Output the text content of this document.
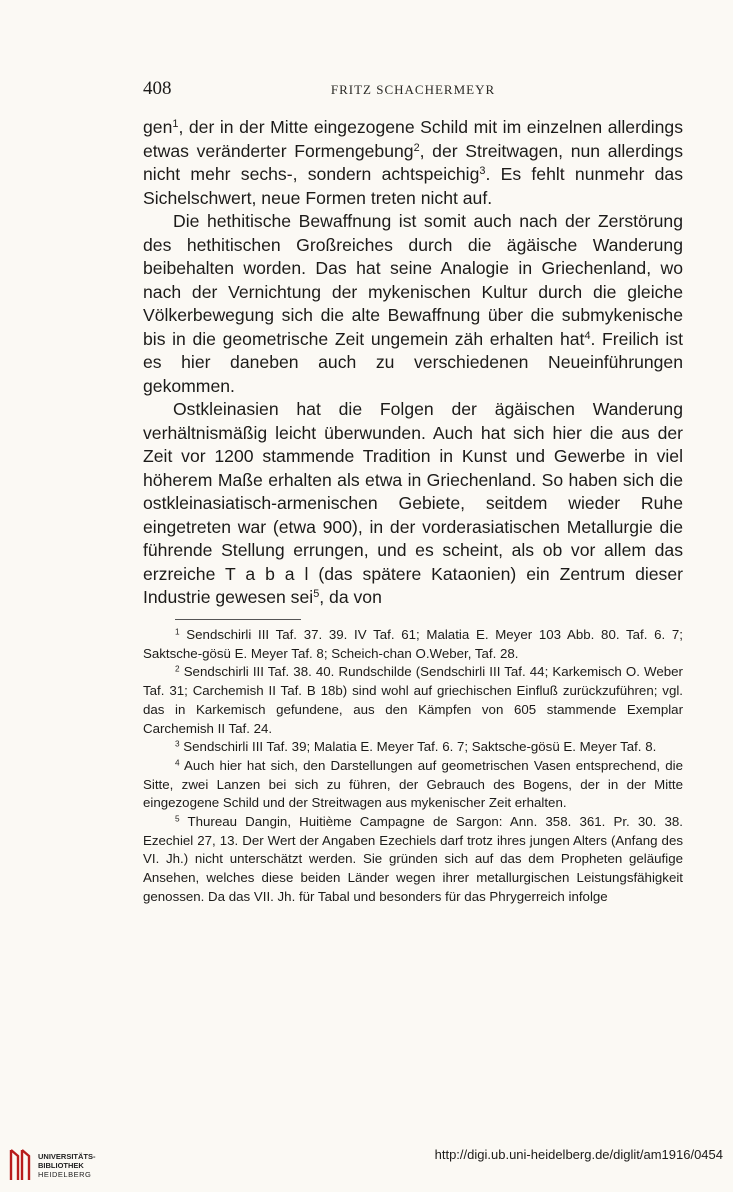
408	FRITZ SCHACHERMEYR

gen$^1$, der in der Mitte eingezogene Schild mit im einzelnen allerdings etwas veränderter Formengebung$^2$, der Streitwagen, nun allerdings nicht mehr sechs-, sondern achtspeichig$^3$. Es fehlt nunmehr das Sichelschwert, neue Formen treten nicht auf.

Die hethitische Bewaffnung ist somit auch nach der Zerstörung des hethitischen Großreiches durch die ägäische Wanderung beibehalten worden. Das hat seine Analogie in Griechenland, wo nach der Vernichtung der mykenischen Kultur durch die gleiche Völkerbewegung sich die alte Bewaffnung über die submykenische bis in die geometrische Zeit ungemein zäh erhalten hat$^4$. Freilich ist es hier daneben auch zu verschiedenen Neueinführungen gekommen.

Ostkleinasien hat die Folgen der ägäischen Wanderung verhältnismäßig leicht überwunden. Auch hat sich hier die aus der Zeit vor 1200 stammende Tradition in Kunst und Gewerbe in viel höherem Maße erhalten als etwa in Griechenland. So haben sich die ostkleinasiatisch-armenischen Gebiete, seitdem wieder Ruhe eingetreten war (etwa 900), in der vorderasiatischen Metallurgie die führende Stellung errungen, und es scheint, als ob vor allem das erzreiche T a b a l (das spätere Kataonien) ein Zentrum dieser Industrie gewesen sei$^5$, da von

$^1$ Sendschirli III Taf. 37. 39. IV Taf. 61; Malatia E. Meyer 103 Abb. 80. Taf. 6. 7; Saktsche-gösü E. Meyer Taf. 8; Scheich-chan O.Weber, Taf. 28.

$^2$ Sendschirli III Taf. 38. 40. Rundschilde (Sendschirli III Taf. 44; Karkemisch O. Weber Taf. 31; Carchemish II Taf. B 18b) sind wohl auf griechischen Einfluß zurückzuführen; vgl. das in Karkemisch gefundene, aus den Kämpfen von 605 stammende Exemplar Carchemish II Taf. 24.

$^3$ Sendschirli III Taf. 39; Malatia E. Meyer Taf. 6. 7; Saktsche-gösü E. Meyer Taf. 8.

$^4$ Auch hier hat sich, den Darstellungen auf geometrischen Vasen entsprechend, die Sitte, zwei Lanzen bei sich zu führen, der Gebrauch des Bogens, der in der Mitte eingezogene Schild und der Streitwagen aus mykenischer Zeit erhalten.

$^5$ Thureau Dangin, Huitième Campagne de Sargon: Ann. 358. 361. Pr. 30. 38. Ezechiel 27, 13. Der Wert der Angaben Ezechiels darf trotz ihres jungen Alters (Anfang des VI. Jh.) nicht unterschätzt werden. Sie gründen sich auf das dem Propheten geläufige Ansehen, welches diese beiden Länder wegen ihrer metallurgischen Leistungsfähigkeit genossen. Da das VII. Jh. für Tabal und besonders für das Phrygerreich infolge

UNIVERSITÄTS-
BIBLIOTHEK
HEIDELBERG
http://digi.ub.uni-heidelberg.de/diglit/am1916/0454
